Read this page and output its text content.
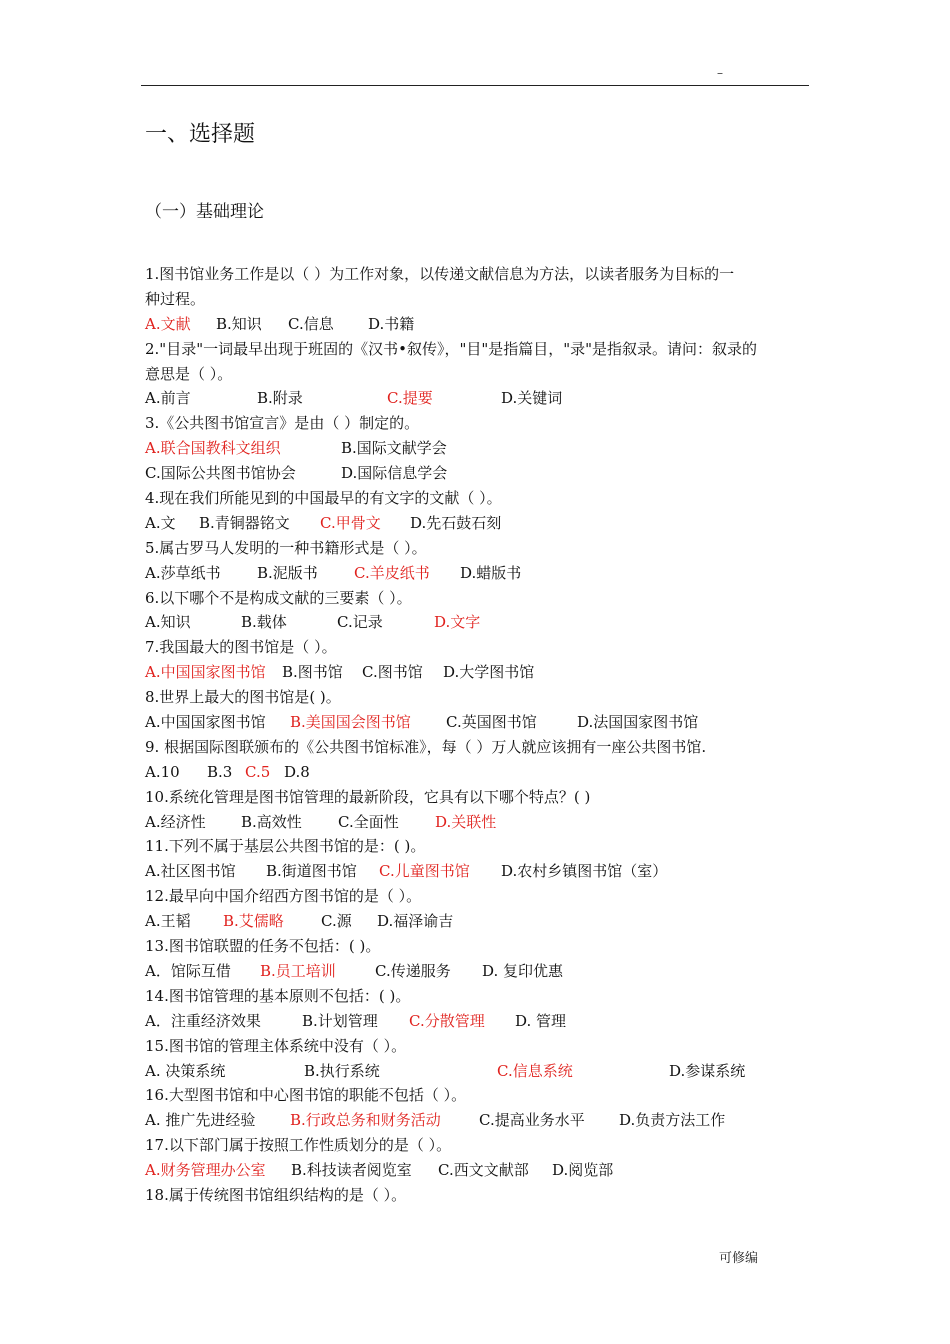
–
一、选择题
（一）基础理论
1.图书馆业务工作是以（ ）为工作对象，以传递文献信息为方法，以读者服务为目标的一
种过程。
A.文献 B.知识 C.信息 D.书籍
2."目录"一词最早出现于班固的《汉书•叙传》，"目"是指篇目，"录"是指叙录。请问：叙录的
意思是（ ）。
A.前言	B.附录	C.提要	D.关键词
3.《公共图书馆宣言》是由（ ）制定的。
A.联合国教科文组织	B.国际文献学会
C.国际公共图书馆协会	D.国际信息学会
4.现在我们所能见到的中国最早的有文字的文献（ ）。
A.文 B.青铜器铭文 C.甲骨文 D.先石鼓石刻
5.属古罗马人发明的一种书籍形式是（ ）。
A.莎草纸书 B.泥版书 C.羊皮纸书 D.蜡版书
6.以下哪个不是构成文献的三要素（ ）。
A.知识	B.载体	C.记录	D.文字
7.我国最大的图书馆是（ ）。
A.中国国家图书馆 B.图书馆 C.图书馆 D.大学图书馆
8.世界上最大的图书馆是( )。
A.中国国家图书馆 B.美国国会图书馆 C.英国图书馆	D.法国国家图书馆
9. 根据国际图联颁布的《公共图书馆标准》，每（ ）万人就应该拥有一座公共图书馆.
A.10 B.3 C.5 D.8
10.系统化管理是图书馆管理的最新阶段，它具有以下哪个特点？( )
A.经济性 B.高效性 C.全面性 D.关联性
11.下列不属于基层公共图书馆的是：( )。
A.社区图书馆 B.街道图书馆 C.儿童图书馆 D.农村乡镇图书馆（室）
12.最早向中国介绍西方图书馆的是（ ）。
A.王韬 B.艾儒略 C.源 D.福泽谕吉
13.图书馆联盟的任务不包括：( )。
A．馆际互借 B.员工培训	C.传递服务 D. 复印优惠
14.图书馆管理的基本原则不包括：( )。
A．注重经济效果	B.计划管理 C.分散管理 D. 管理
15.图书馆的管理主体系统中没有（ ）。
A. 决策系统	B.执行系统	C.信息系统	D.参谋系统
16.大型图书馆和中心图书馆的职能不包括（ ）。
A. 推广先进经验 B.行政总务和财务活动	C.提高业务水平 D.负责方法工作
17.以下部门属于按照工作性质划分的是（ ）。
A.财务管理办公室 B.科技读者阅览室 C.西文文献部 D.阅览部
18.属于传统图书馆组织结构的是（ ）。
可修编
